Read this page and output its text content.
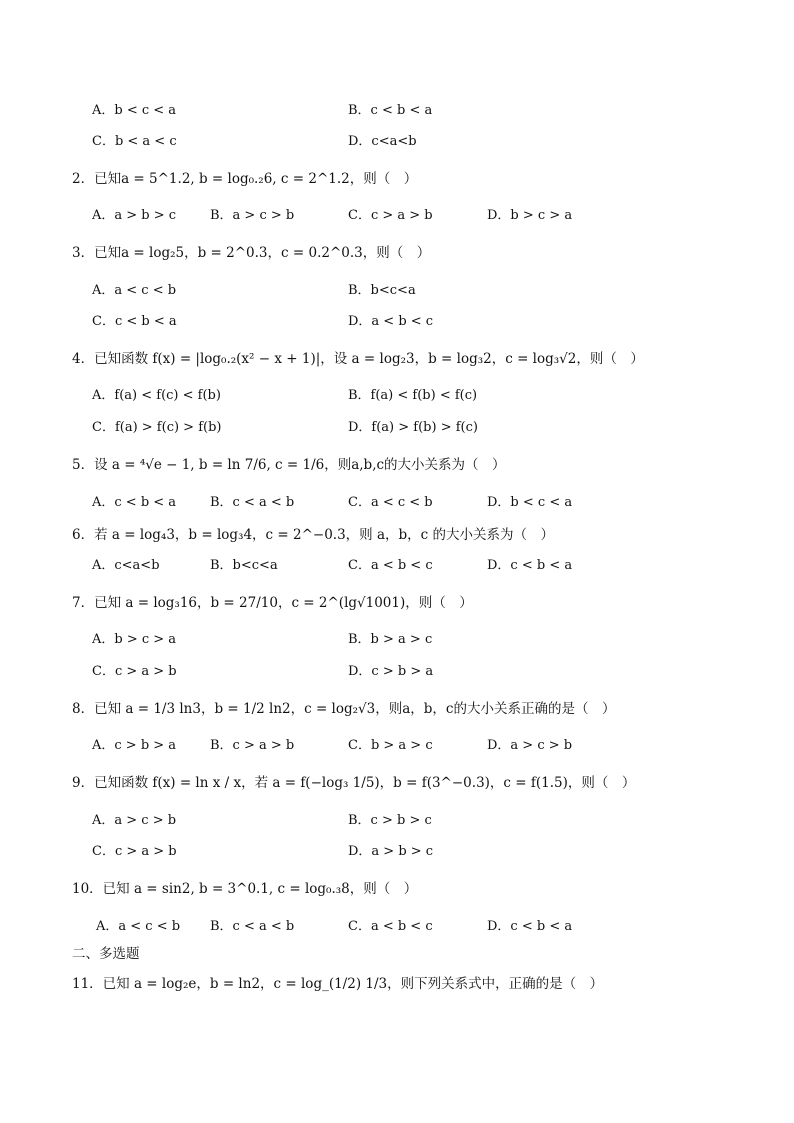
A．b < c < a	B．c < b < a
C．b < a < c	D．c<a<b
2．已知a = 5^1.2, b = log₀.₂6, c = 2^1.2，则（　）
A．a > b > c	B．a > c > b	C．c > a > b	D．b > c > a
3．已知a = log₂5，b = 2^0.3，c = 0.2^0.3，则（　）
A．a < c < b	B．b<c<a
C．c < b < a	D．a < b < c
4．已知函数 f(x) = |log₀.₂(x² − x + 1)|，设 a = log₂3，b = log₃2，c = log₃√2，则（　）
A．f(a) < f(c) < f(b)	B．f(a) < f(b) < f(c)
C．f(a) > f(c) > f(b)	D．f(a) > f(b) > f(c)
5．设 a = ⁴√e − 1, b = ln 7/6, c = 1/6，则a,b,c的大小关系为（　）
A．c < b < a	B．c < a < b	C．a < c < b	D．b < c < a
6．若 a = log₄3，b = log₃4，c = 2^−0.3，则 a，b，c 的大小关系为（　）
A．c<a<b	B．b<c<a	C．a < b < c	D．c < b < a
7．已知 a = log₃16，b = 27/10，c = 2^(lg√1001)，则（　）
A．b > c > a	B．b > a > c
C．c > a > b	D．c > b > a
8．已知 a = 1/3 ln3，b = 1/2 ln2，c = log₂√3，则a，b，c的大小关系正确的是（　）
A．c > b > a	B．c > a > b	C．b > a > c	D．a > c > b
9．已知函数 f(x) = ln x / x，若 a = f(−log₃ 1/5)，b = f(3^−0.3)，c = f(1.5)，则（　）
A．a > c > b	B．c > b > c
C．c > a > b	D．a > b > c
10．已知 a = sin2, b = 3^0.1, c = log₀.₃8，则（　）
A．a < c < b B．c < a < b	C．a < b < c	D．c < b < a
二、多选题
11．已知 a = log₂e，b = ln2，c = log_(1/2) 1/3，则下列关系式中，正确的是（　）
